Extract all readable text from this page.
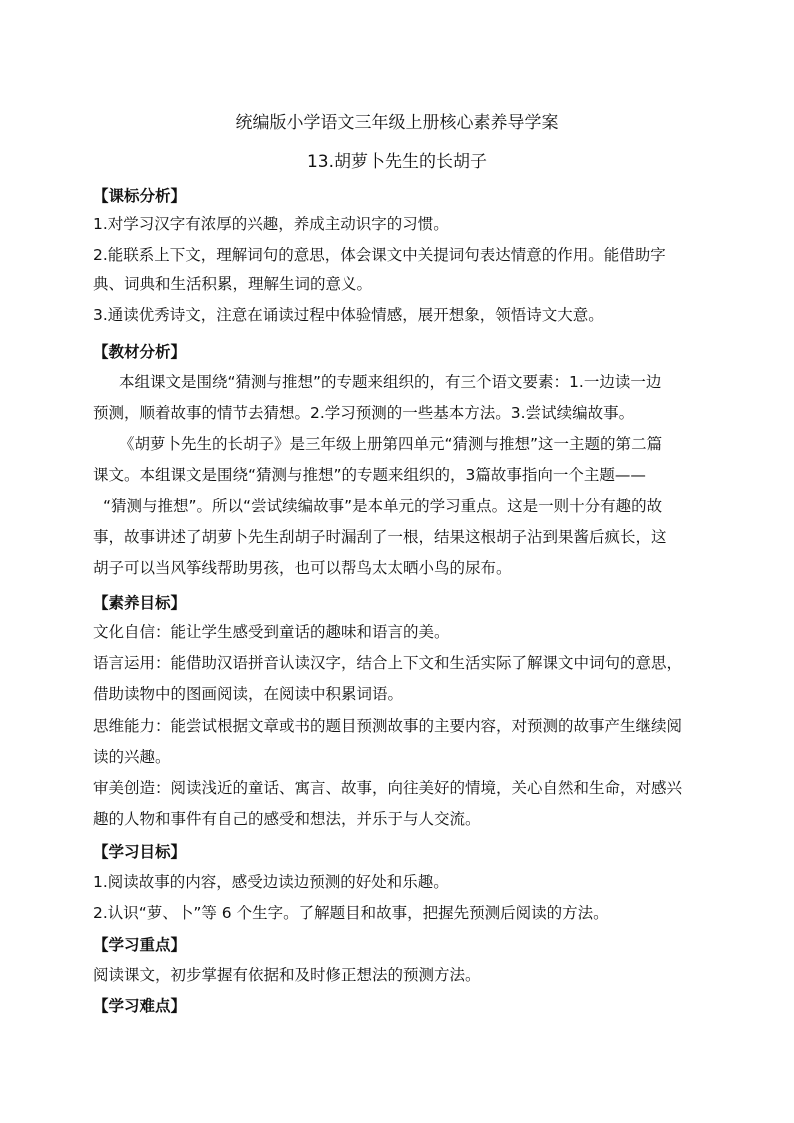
统编版小学语文三年级上册核心素养导学案
13.胡萝卜先生的长胡子
【课标分析】
1.对学习汉字有浓厚的兴趣，养成主动识字的习惯。
2.能联系上下文，理解词句的意思，体会课文中关提词句表达情意的作用。能借助字
典、词典和生活积累，理解生词的意义。
3.通读优秀诗文，注意在诵读过程中体验情感，展开想象，领悟诗文大意。
【教材分析】
本组课文是围绕“猜测与推想”的专题来组织的，有三个语文要素：1.一边读一边
预测，顺着故事的情节去猜想。2.学习预测的一些基本方法。3.尝试续编故事。
《胡萝卜先生的长胡子》是三年级上册第四单元“猜测与推想”这一主题的第二篇
课文。本组课文是围绕“猜测与推想”的专题来组织的，3篇故事指向一个主题——
“猜测与推想”。所以“尝试续编故事”是本单元的学习重点。这是一则十分有趣的故
事，故事讲述了胡萝卜先生刮胡子时漏刮了一根，结果这根胡子沾到果酱后疯长，这
胡子可以当风筝线帮助男孩，也可以帮鸟太太晒小鸟的尿布。
【素养目标】
文化自信：能让学生感受到童话的趣味和语言的美。
语言运用：能借助汉语拼音认读汉字，结合上下文和生活实际了解课文中词句的意思，
借助读物中的图画阅读，在阅读中积累词语。
思维能力：能尝试根据文章或书的题目预测故事的主要内容，对预测的故事产生继续阅
读的兴趣。
审美创造：阅读浅近的童话、寓言、故事，向往美好的情境，关心自然和生命，对感兴
趣的人物和事件有自己的感受和想法，并乐于与人交流。
【学习目标】
1.阅读故事的内容，感受边读边预测的好处和乐趣。
2.认识“萝、卜”等 6 个生字。了解题目和故事，把握先预测后阅读的方法。
【学习重点】
阅读课文，初步掌握有依据和及时修正想法的预测方法。
【学习难点】
